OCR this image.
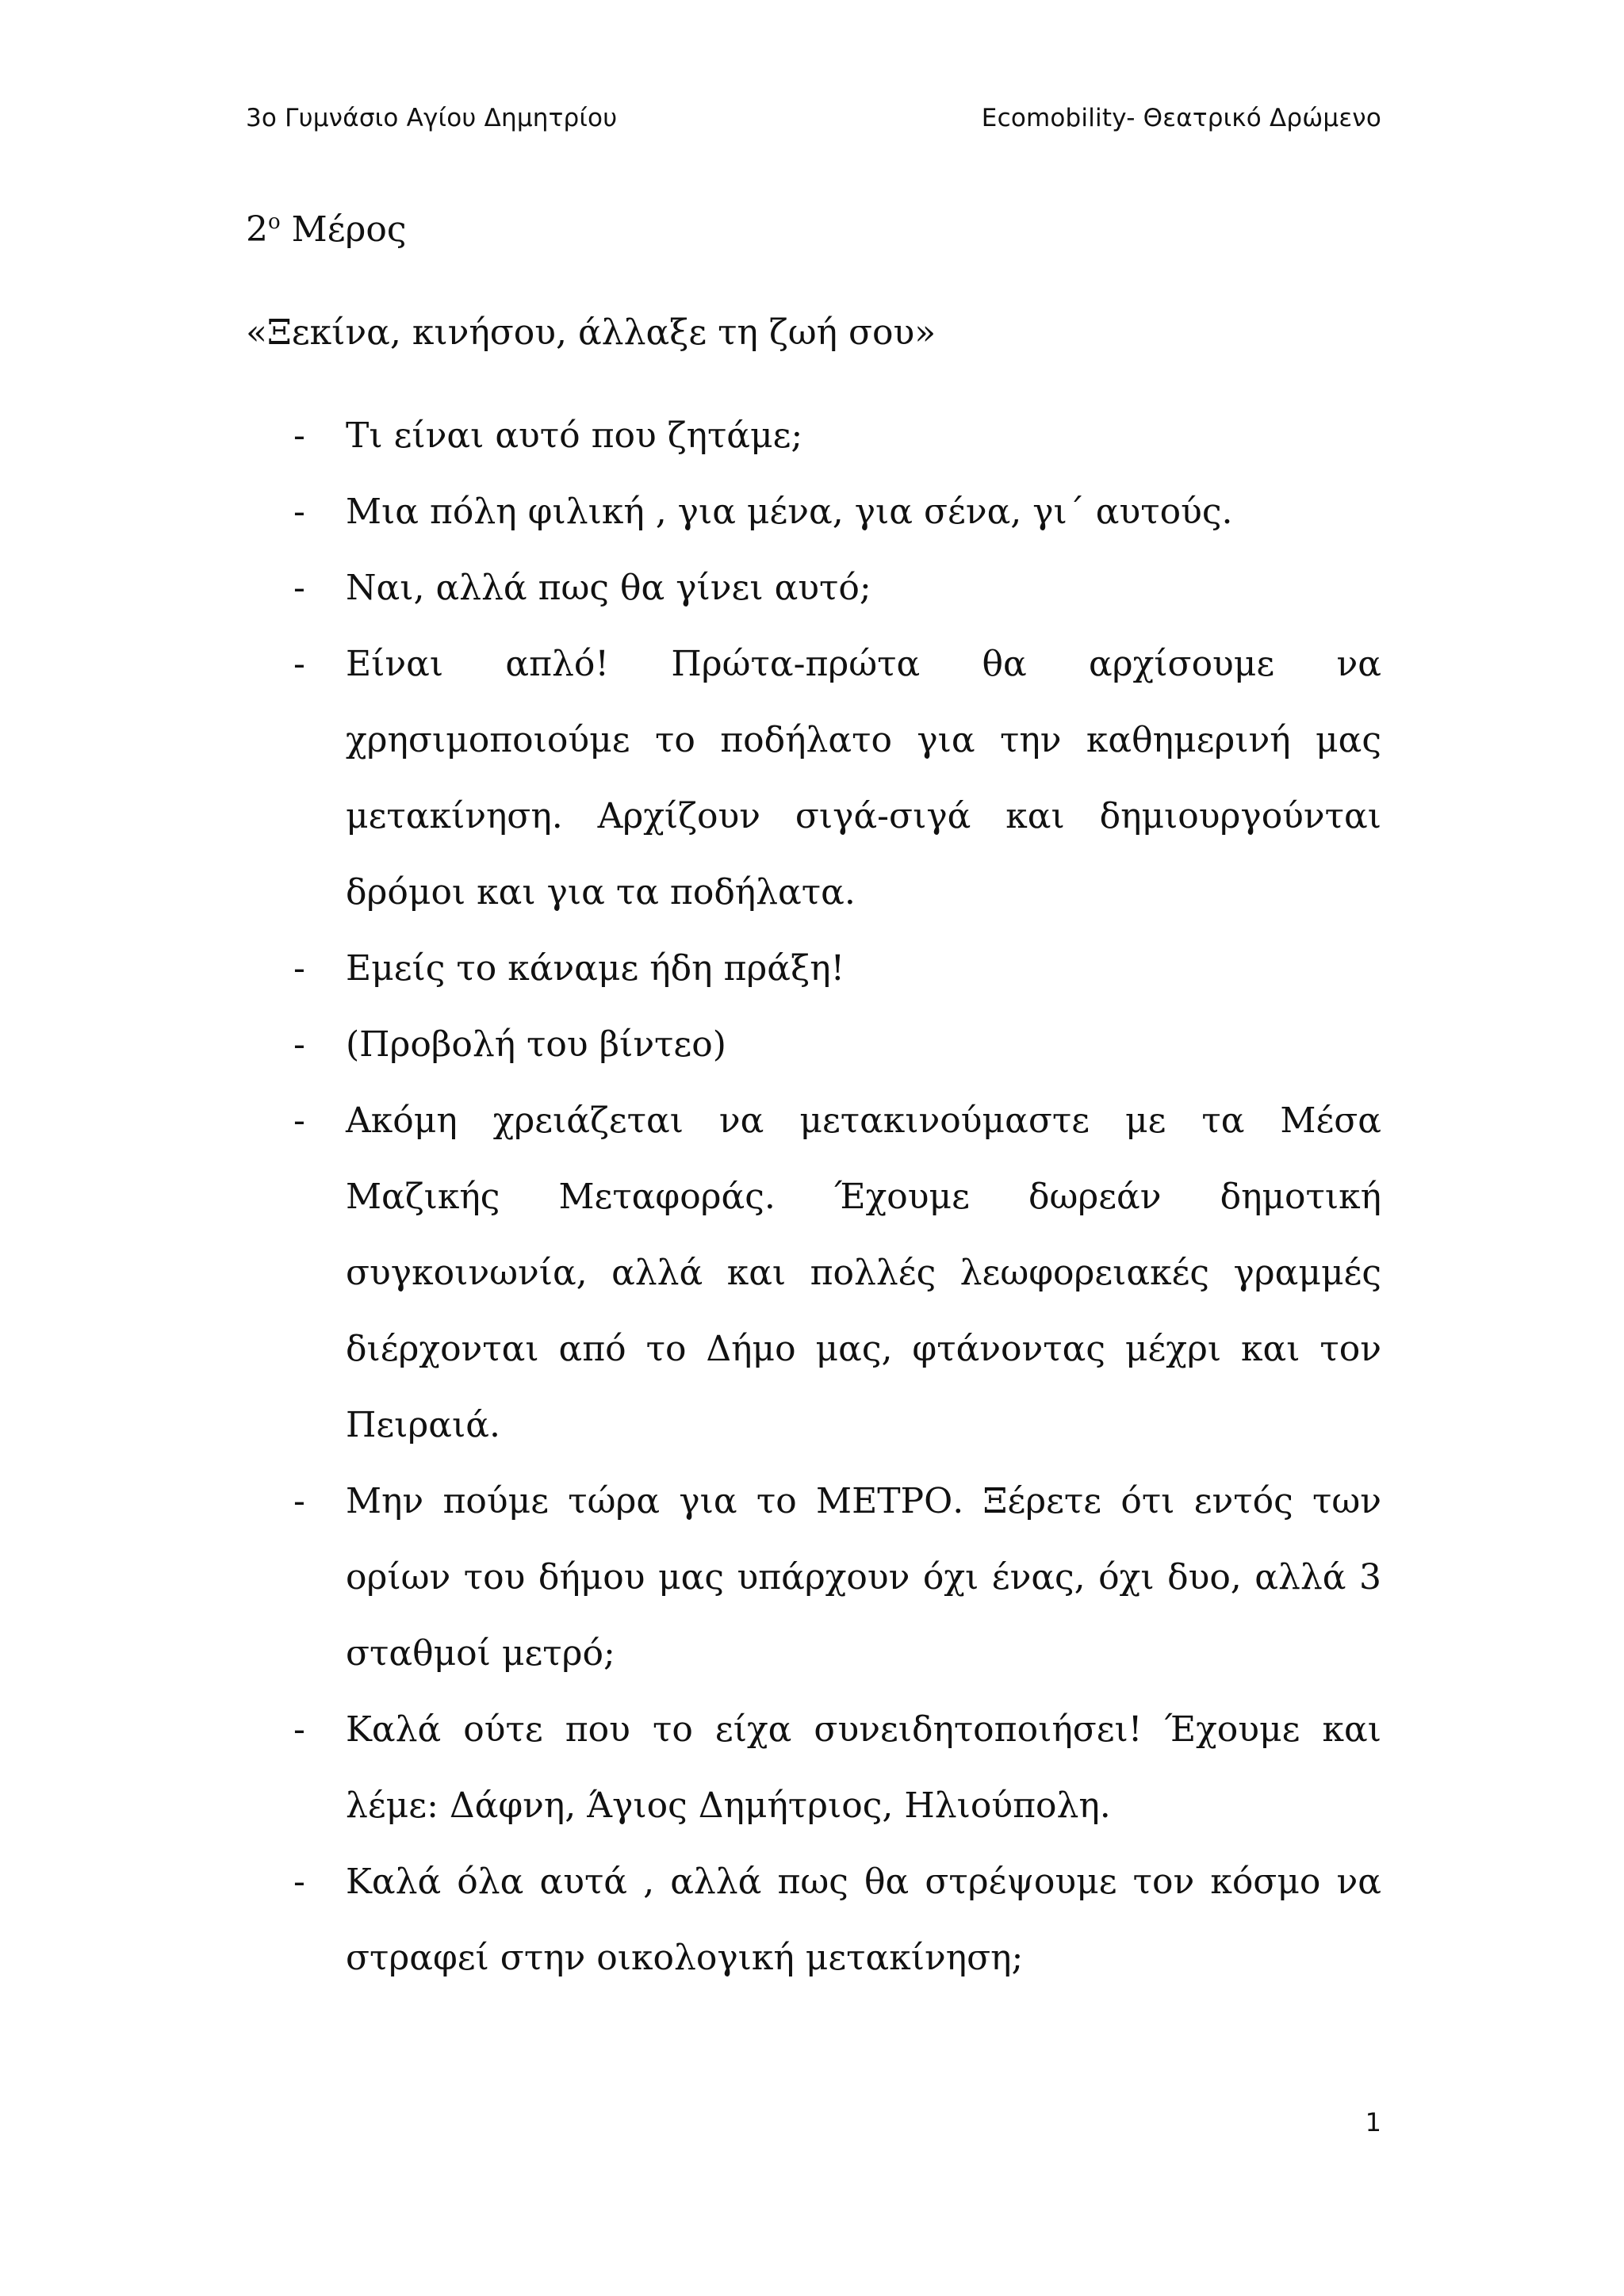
3ο Γυμνάσιο Αγίου Δημητρίου	Ecomobility- Θεατρικό Δρώμενο
$2^o$ Μέρος
«Ξεκίνα, κινήσου, άλλαξε τη ζωή σου»
- Τι είναι αυτό που ζητάμε;
- Μια πόλη φιλική , για μένα, για σένα, γι΄ αυτούς.
- Ναι, αλλά πως θα γίνει αυτό;
- Είναι απλό! Πρώτα-πρώτα θα αρχίσουμε να χρησιμοποιούμε το ποδήλατο για την καθημερινή μας μετακίνηση. Αρχίζουν σιγά-σιγά και δημιουργούνται δρόμοι και για τα ποδήλατα.
- Εμείς το κάναμε ήδη πράξη!
- (Προβολή του βίντεο)
- Ακόμη χρειάζεται να μετακινούμαστε με τα Μέσα Μαζικής Μεταφοράς. Έχουμε δωρεάν δημοτική συγκοινωνία, αλλά και πολλές λεωφορειακές γραμμές διέρχονται από το Δήμο μας, φτάνοντας μέχρι και τον Πειραιά.
- Μην πούμε τώρα για το ΜΕΤΡΟ. Ξέρετε ότι εντός των ορίων του δήμου μας υπάρχουν όχι ένας, όχι δυο, αλλά 3 σταθμοί μετρό;
- Καλά ούτε που το είχα συνειδητοποιήσει! Έχουμε και λέμε: Δάφνη, Άγιος Δημήτριος, Ηλιούπολη.
- Καλά όλα αυτά , αλλά πως θα στρέψουμε τον κόσμο να στραφεί στην οικολογική μετακίνηση;
1
